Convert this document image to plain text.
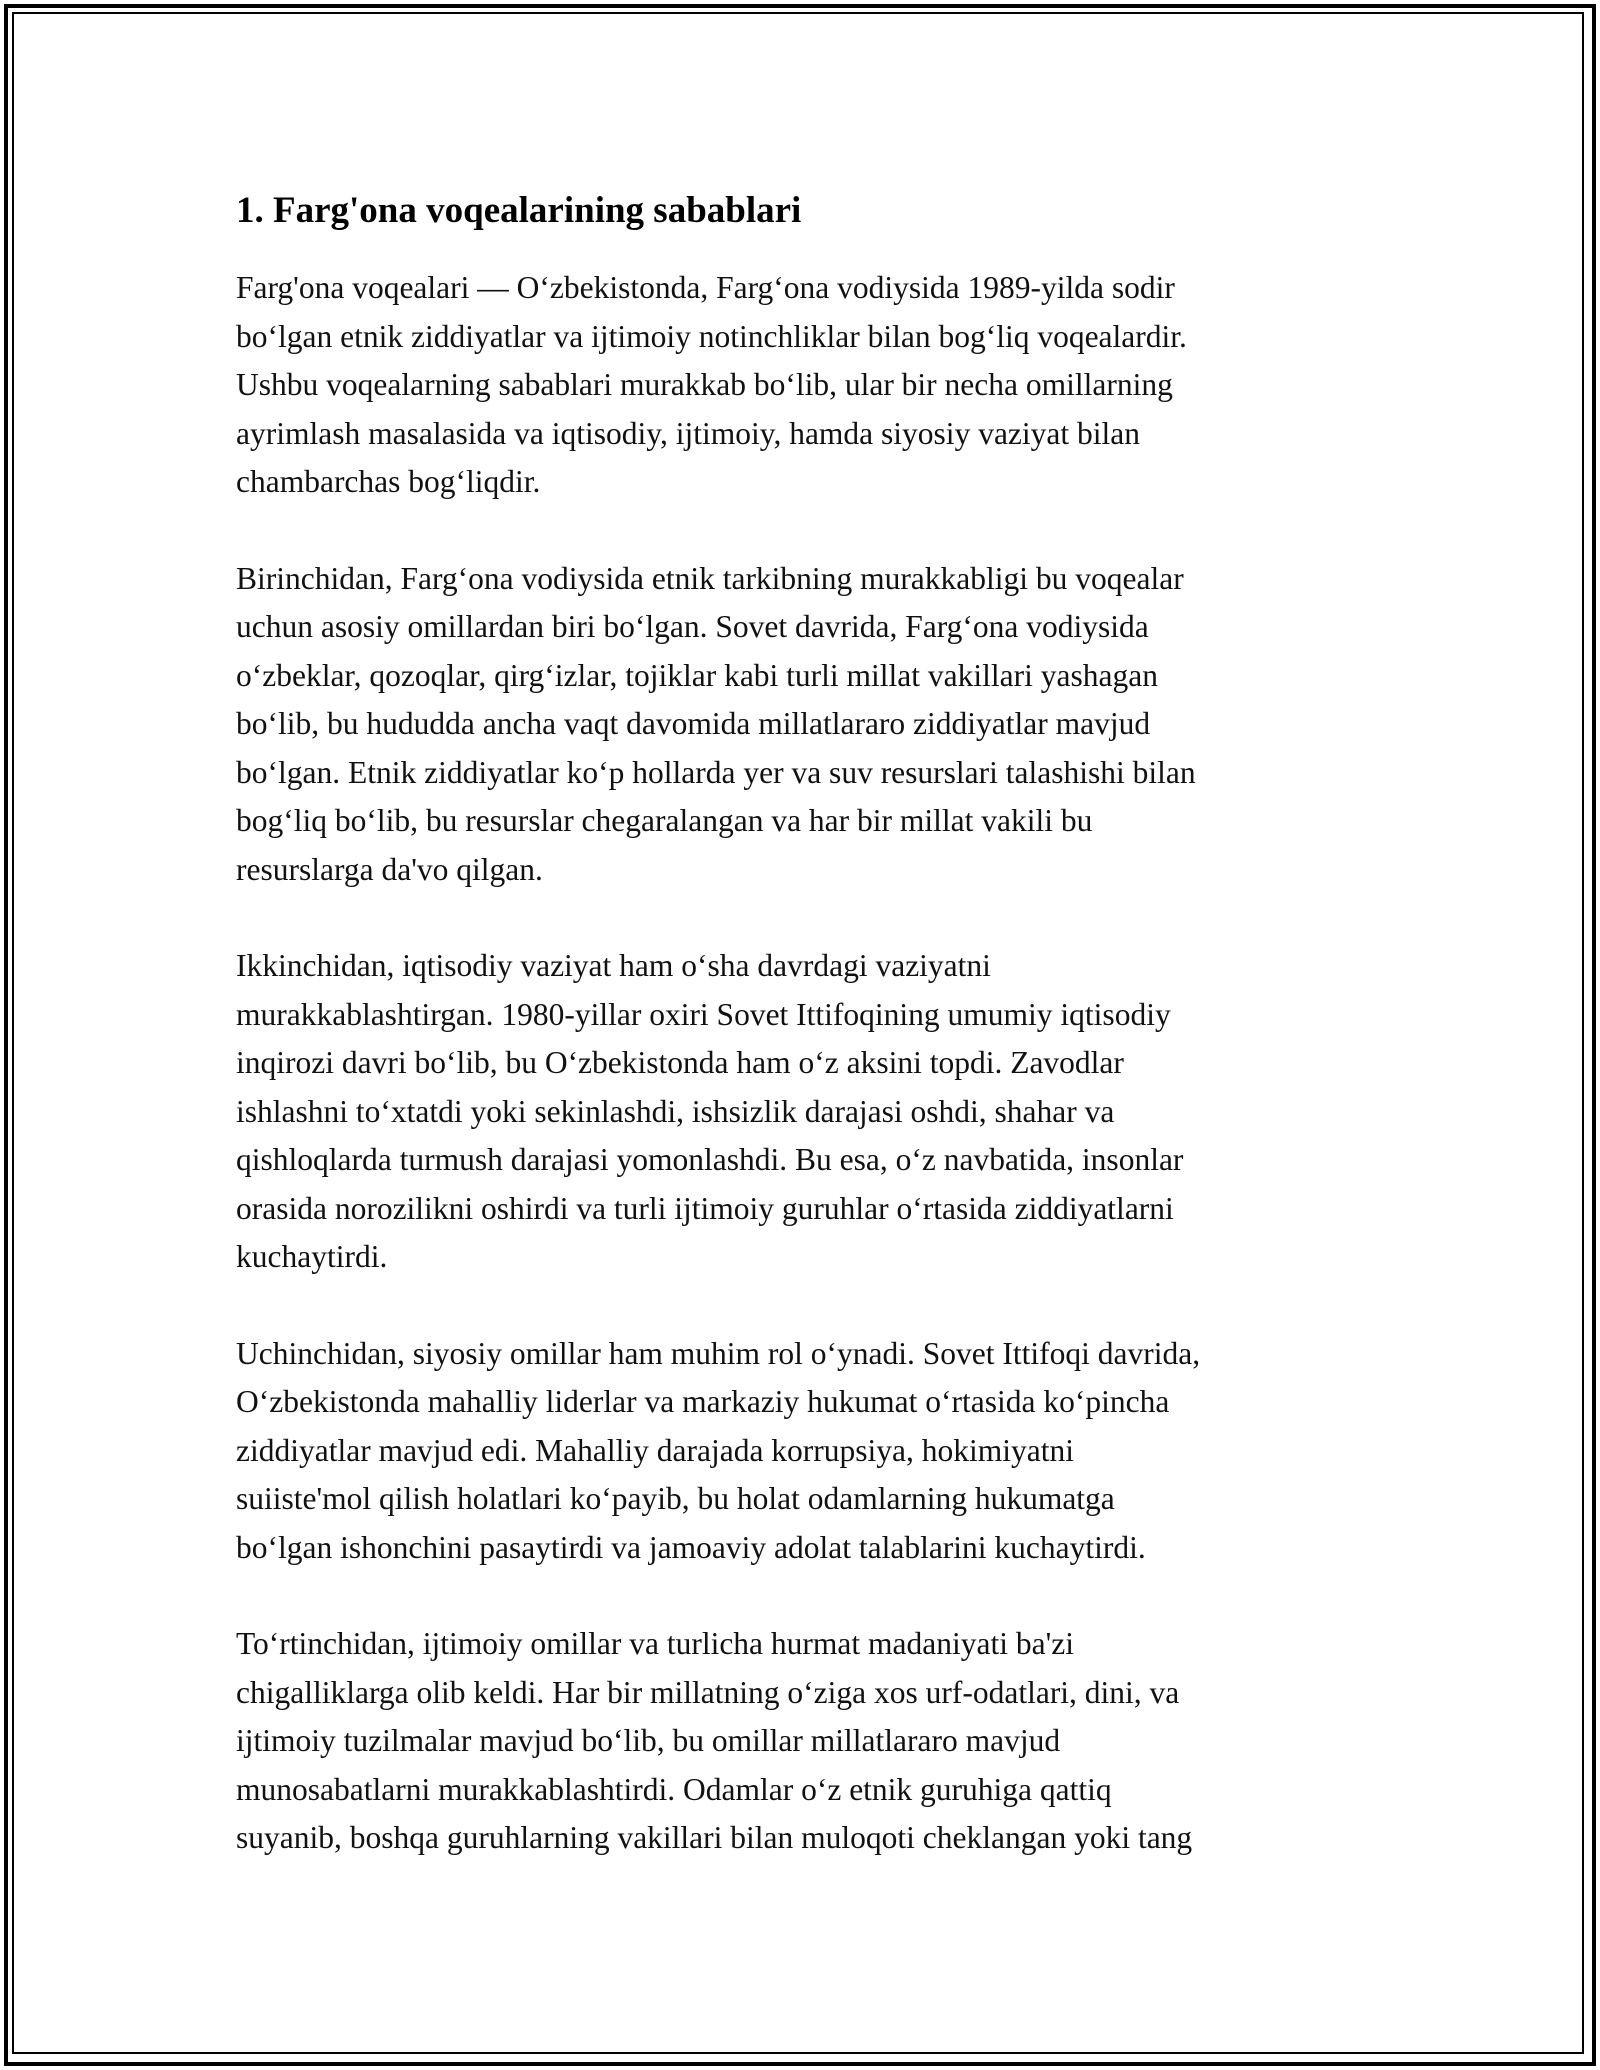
1. Farg'ona voqealarining sabablari

Farg'ona voqealari — O‘zbekistonda, Farg‘ona vodiysida 1989-yilda sodir
bo‘lgan etnik ziddiyatlar va ijtimoiy notinchliklar bilan bog‘liq voqealardir.
Ushbu voqealarning sabablari murakkab bo‘lib, ular bir necha omillarning
ayrimlash masalasida va iqtisodiy, ijtimoiy, hamda siyosiy vaziyat bilan
chambarchas bog‘liqdir.

Birinchidan, Farg‘ona vodiysida etnik tarkibning murakkabligi bu voqealar
uchun asosiy omillardan biri bo‘lgan. Sovet davrida, Farg‘ona vodiysida
o‘zbeklar, qozoqlar, qirg‘izlar, tojiklar kabi turli millat vakillari yashagan
bo‘lib, bu hududda ancha vaqt davomida millatlararo ziddiyatlar mavjud
bo‘lgan. Etnik ziddiyatlar ko‘p hollarda yer va suv resurslari talashishi bilan
bog‘liq bo‘lib, bu resurslar chegaralangan va har bir millat vakili bu
resurslarga da'vo qilgan.

Ikkinchidan, iqtisodiy vaziyat ham o‘sha davrdagi vaziyatni
murakkablashtirgan. 1980-yillar oxiri Sovet Ittifoqining umumiy iqtisodiy
inqirozi davri bo‘lib, bu O‘zbekistonda ham o‘z aksini topdi. Zavodlar
ishlashni to‘xtatdi yoki sekinlashdi, ishsizlik darajasi oshdi, shahar va
qishloqlarda turmush darajasi yomonlashdi. Bu esa, o‘z navbatida, insonlar
orasida norozilikni oshirdi va turli ijtimoiy guruhlar o‘rtasida ziddiyatlarni
kuchaytirdi.

Uchinchidan, siyosiy omillar ham muhim rol o‘ynadi. Sovet Ittifoqi davrida,
O‘zbekistonda mahalliy liderlar va markaziy hukumat o‘rtasida ko‘pincha
ziddiyatlar mavjud edi. Mahalliy darajada korrupsiya, hokimiyatni
suiiste'mol qilish holatlari ko‘payib, bu holat odamlarning hukumatga
bo‘lgan ishonchini pasaytirdi va jamoaviy adolat talablarini kuchaytirdi.

To‘rtinchidan, ijtimoiy omillar va turlicha hurmat madaniyati ba'zi
chigalliklarga olib keldi. Har bir millatning o‘ziga xos urf-odatlari, dini, va
ijtimoiy tuzilmalar mavjud bo‘lib, bu omillar millatlararo mavjud
munosabatlarni murakkablashtirdi. Odamlar o‘z etnik guruhiga qattiq
suyanib, boshqa guruhlarning vakillari bilan muloqoti cheklangan yoki tang
